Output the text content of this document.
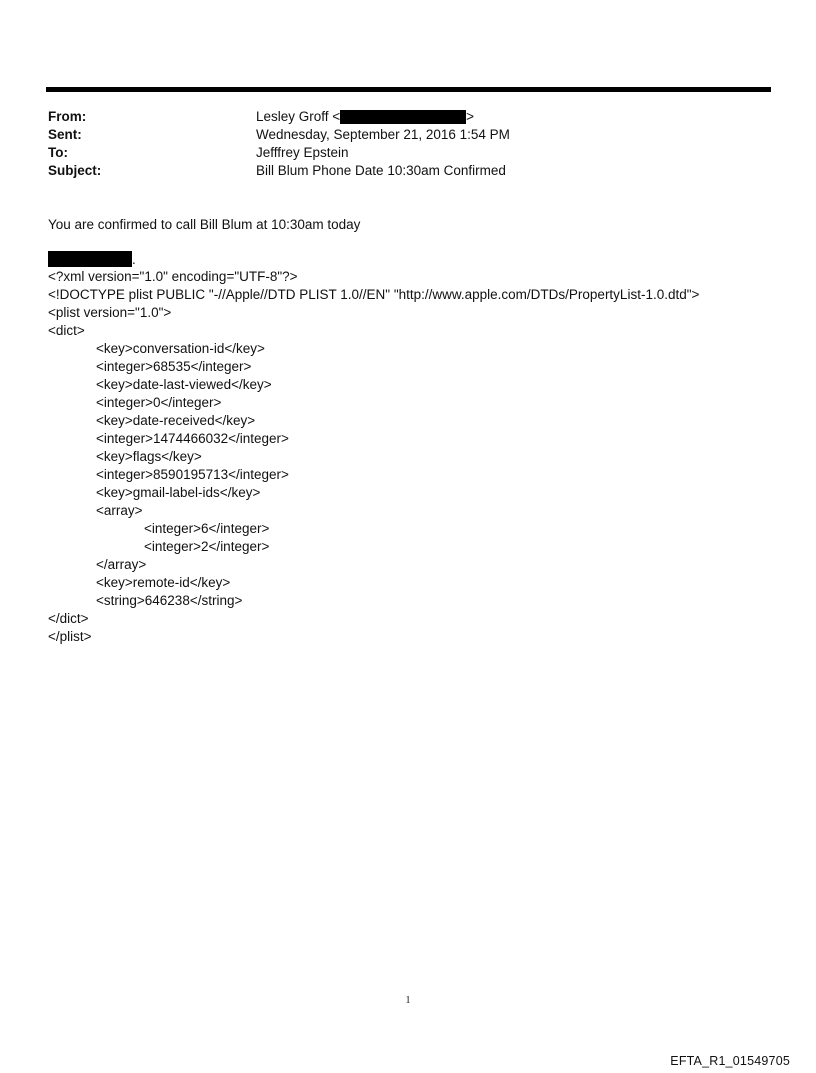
From:	Lesley Groff <	>
Sent:	Wednesday, September 21, 2016 1:54 PM
To:	Jefffrey Epstein
Subject:	Bill Blum Phone Date 10:30am Confirmed
You are confirmed to call Bill Blum at 10:30am today
.
<?xml version="1.0" encoding="UTF-8"?>
<!DOCTYPE plist PUBLIC "-//Apple//DTD PLIST 1.0//EN" "http://www.apple.com/DTDs/PropertyList-1.0.dtd">
<plist version="1.0">
<dict>
<key>conversation-id</key>
<integer>68535</integer>
<key>date-last-viewed</key>
<integer>0</integer>
<key>date-received</key>
<integer>1474466032</integer>
<key>flags</key>
<integer>8590195713</integer>
<key>gmail-label-ids</key>
<array>
<integer>6</integer>
<integer>2</integer>
</array>
<key>remote-id</key>
<string>646238</string>
</dict>
</plist>
1
EFTA_R1_01549705
